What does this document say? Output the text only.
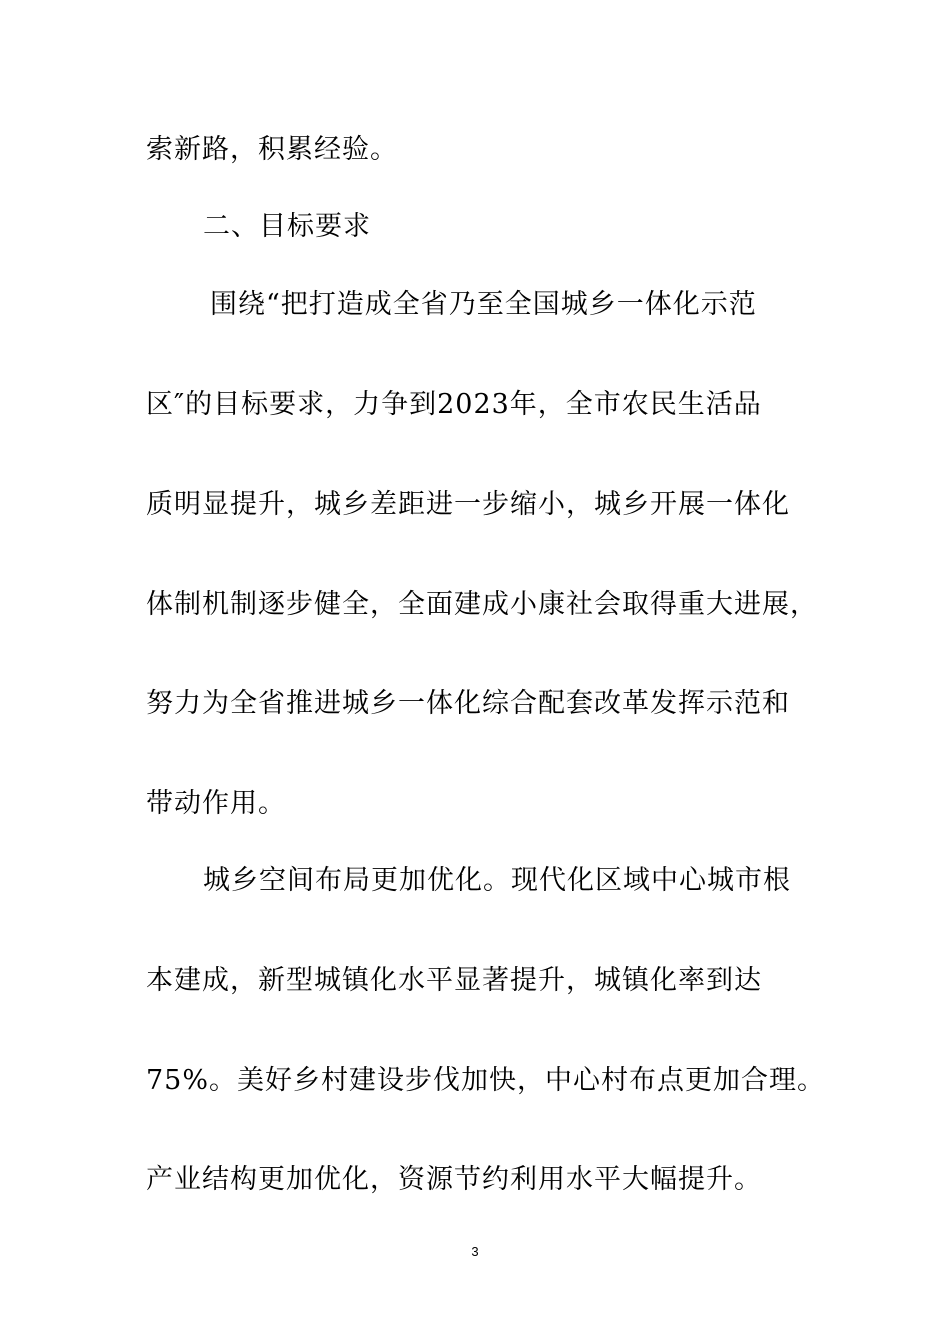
索新路，积累经验。
二、目标要求
围绕“把打造成全省乃至全国城乡一体化示范
区″的目标要求，力争到2023年，全市农民生活品
质明显提升，城乡差距进一步缩小，城乡开展一体化
体制机制逐步健全，全面建成小康社会取得重大进展，
努力为全省推进城乡一体化综合配套改革发挥示范和
带动作用。
城乡空间布局更加优化。现代化区域中心城市根
本建成，新型城镇化水平显著提升，城镇化率到达
75%。美好乡村建设步伐加快，中心村布点更加合理。
产业结构更加优化，资源节约利用水平大幅提升。
3
